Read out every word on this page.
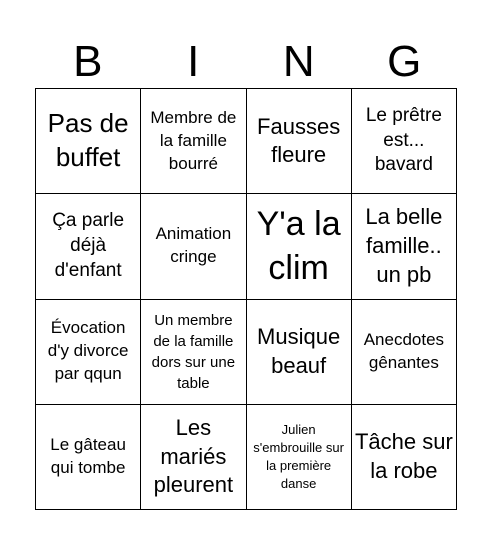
B	I	N	G
Pas de buffet
Membre de la famille bourré
Fausses fleure
Le prêtre est... bavard
Ça parle déjà d'enfant
Animation cringe
Y'a la clim
La belle famille.. un pb
Évocation d'y divorce par qqun
Un membre de la famille dors sur une table
Musique beauf
Anecdotes gênantes
Le gâteau qui tombe
Les mariés pleurent
Julien s'embrouille sur la première danse
Tâche sur la robe
